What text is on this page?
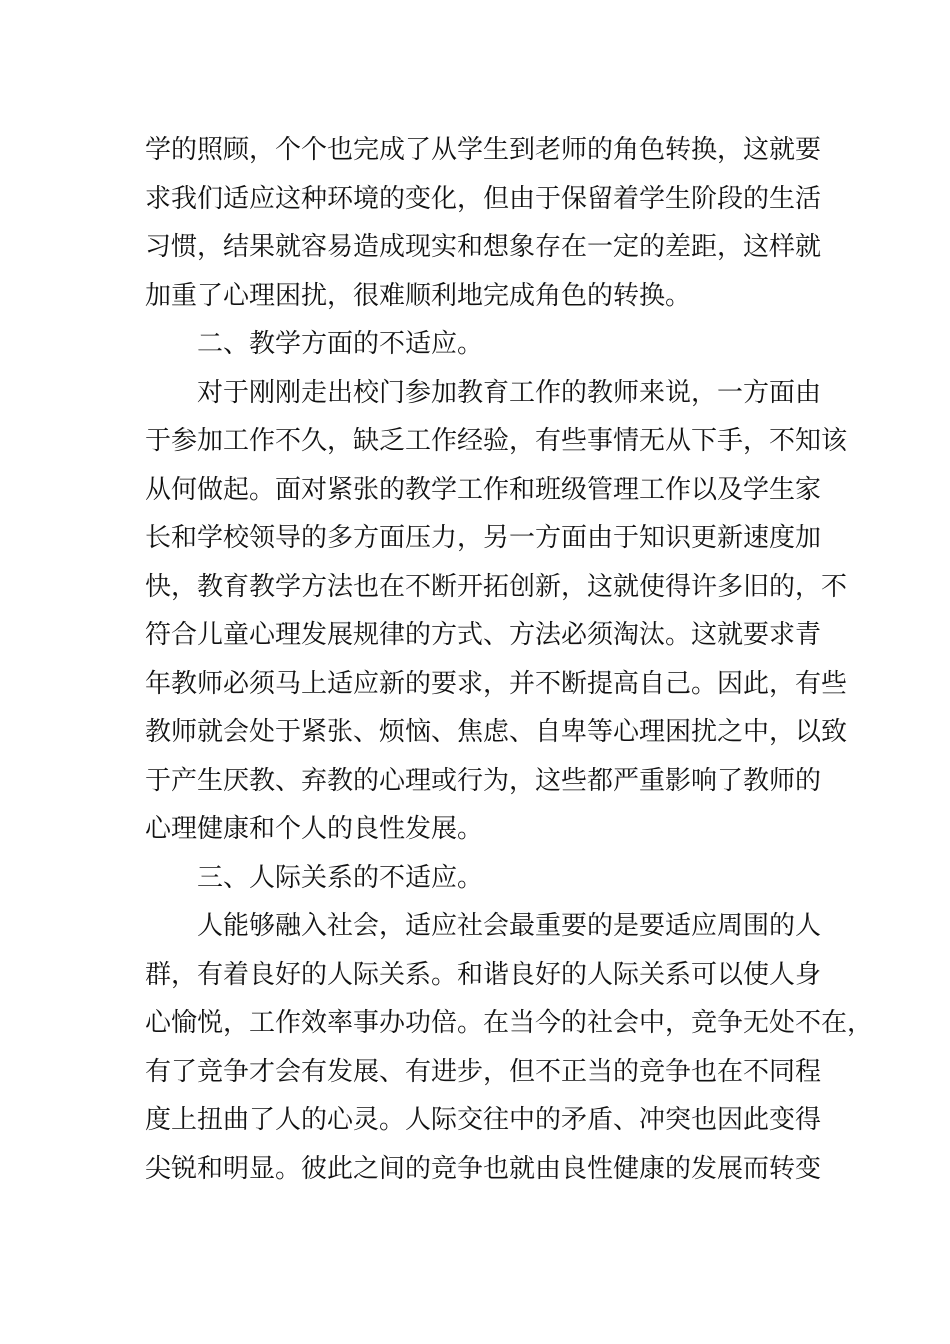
学的照顾，个个也完成了从学生到老师的角色转换，这就要
求我们适应这种环境的变化，但由于保留着学生阶段的生活
习惯，结果就容易造成现实和想象存在一定的差距，这样就
加重了心理困扰，很难顺利地完成角色的转换。
二、教学方面的不适应。
对于刚刚走出校门参加教育工作的教师来说，一方面由
于参加工作不久，缺乏工作经验，有些事情无从下手，不知该
从何做起。面对紧张的教学工作和班级管理工作以及学生家
长和学校领导的多方面压力，另一方面由于知识更新速度加
快，教育教学方法也在不断开拓创新，这就使得许多旧的，不
符合儿童心理发展规律的方式、方法必须淘汰。这就要求青
年教师必须马上适应新的要求，并不断提高自己。因此，有些
教师就会处于紧张、烦恼、焦虑、自卑等心理困扰之中，以致
于产生厌教、弃教的心理或行为，这些都严重影响了教师的
心理健康和个人的良性发展。
三、人际关系的不适应。
人能够融入社会，适应社会最重要的是要适应周围的人
群，有着良好的人际关系。和谐良好的人际关系可以使人身
心愉悦，工作效率事办功倍。在当今的社会中，竞争无处不在，
有了竞争才会有发展、有进步，但不正当的竞争也在不同程
度上扭曲了人的心灵。人际交往中的矛盾、冲突也因此变得
尖锐和明显。彼此之间的竞争也就由良性健康的发展而转变
